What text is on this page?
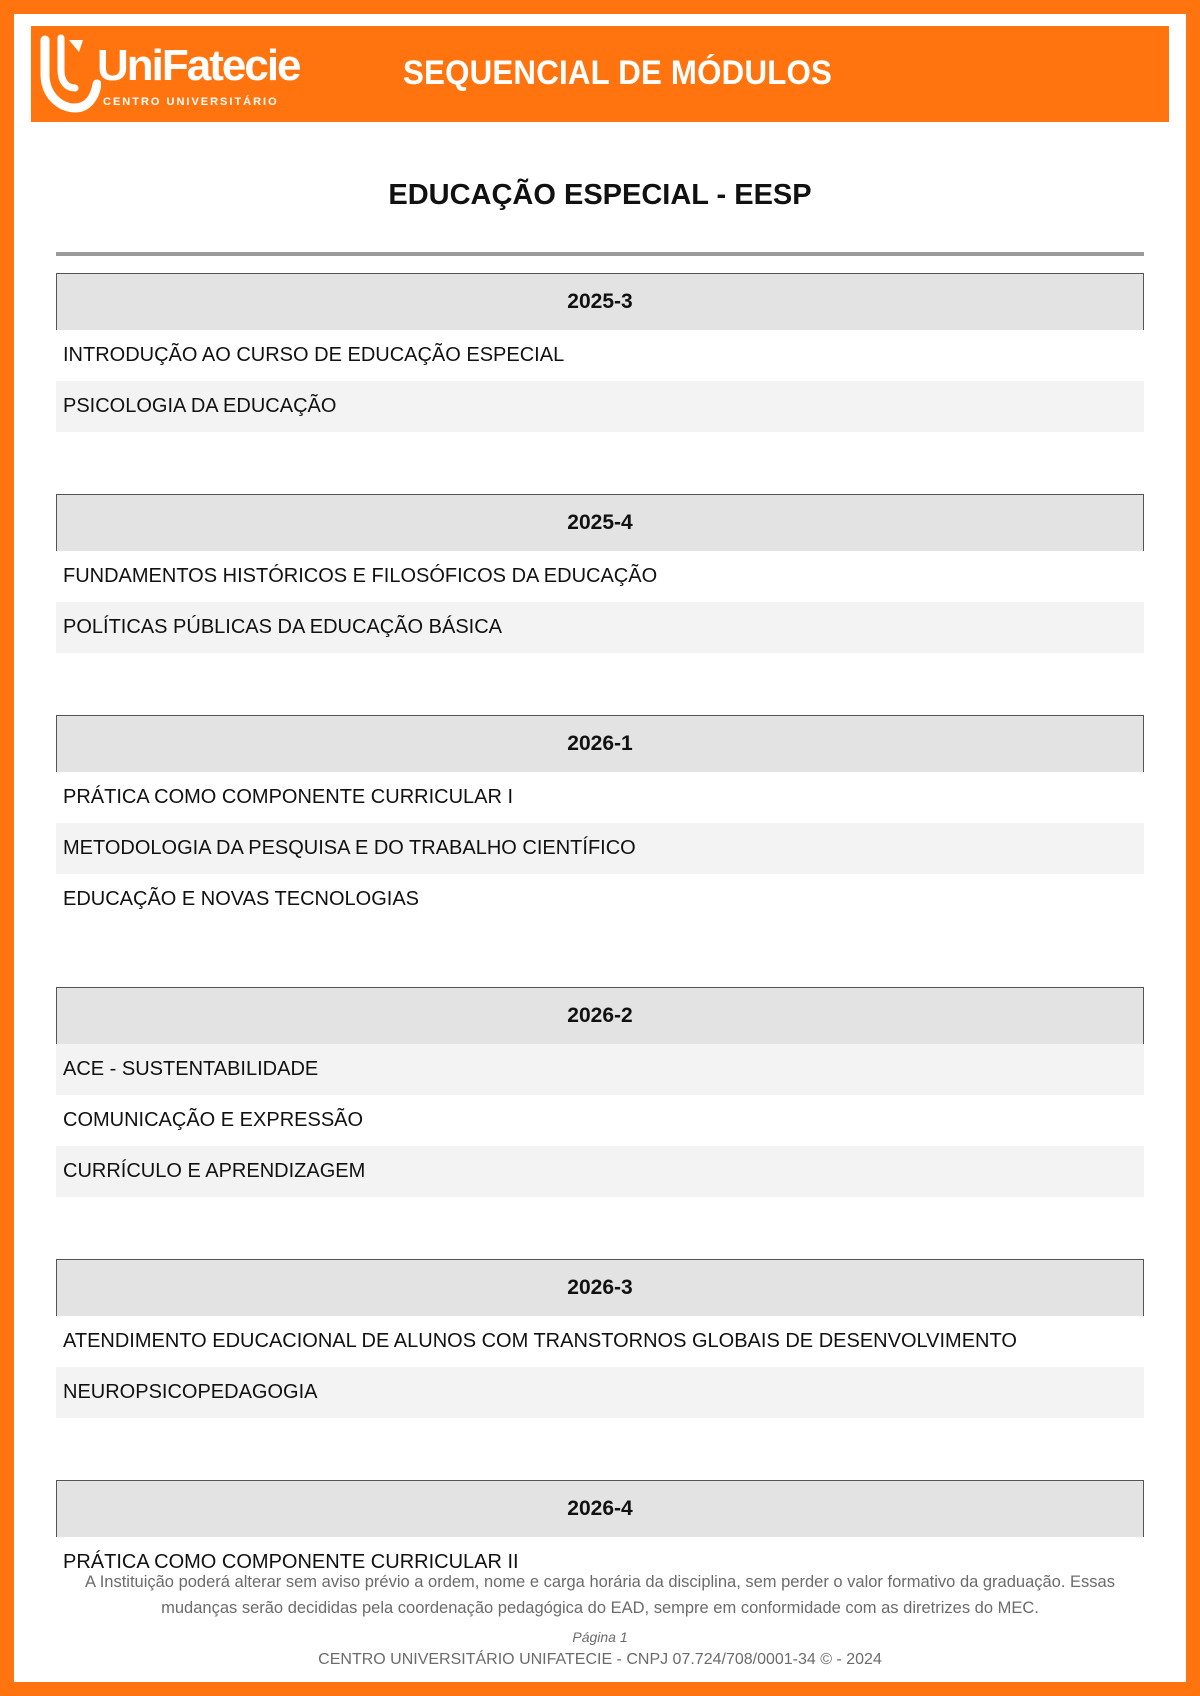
UniFatecie
CENTRO UNIVERSITÁRIO
SEQUENCIAL DE MÓDULOS
EDUCAÇÃO ESPECIAL - EESP
2025-3
INTRODUÇÃO AO CURSO DE EDUCAÇÃO ESPECIAL
PSICOLOGIA DA EDUCAÇÃO
2025-4
FUNDAMENTOS HISTÓRICOS E FILOSÓFICOS DA EDUCAÇÃO
POLÍTICAS PÚBLICAS DA EDUCAÇÃO BÁSICA
2026-1
PRÁTICA COMO COMPONENTE CURRICULAR I
METODOLOGIA DA PESQUISA E DO TRABALHO CIENTÍFICO
EDUCAÇÃO E NOVAS TECNOLOGIAS
2026-2
ACE - SUSTENTABILIDADE
COMUNICAÇÃO E EXPRESSÃO
CURRÍCULO E APRENDIZAGEM
2026-3
ATENDIMENTO EDUCACIONAL DE ALUNOS COM TRANSTORNOS GLOBAIS DE DESENVOLVIMENTO
NEUROPSICOPEDAGOGIA
2026-4
PRÁTICA COMO COMPONENTE CURRICULAR II
A Instituição poderá alterar sem aviso prévio a ordem, nome e carga horária da disciplina, sem perder o valor formativo da graduação. Essas mudanças serão decididas pela coordenação pedagógica do EAD, sempre em conformidade com as diretrizes do MEC.
Página 1
CENTRO UNIVERSITÁRIO UNIFATECIE - CNPJ 07.724/708/0001-34 © - 2024
